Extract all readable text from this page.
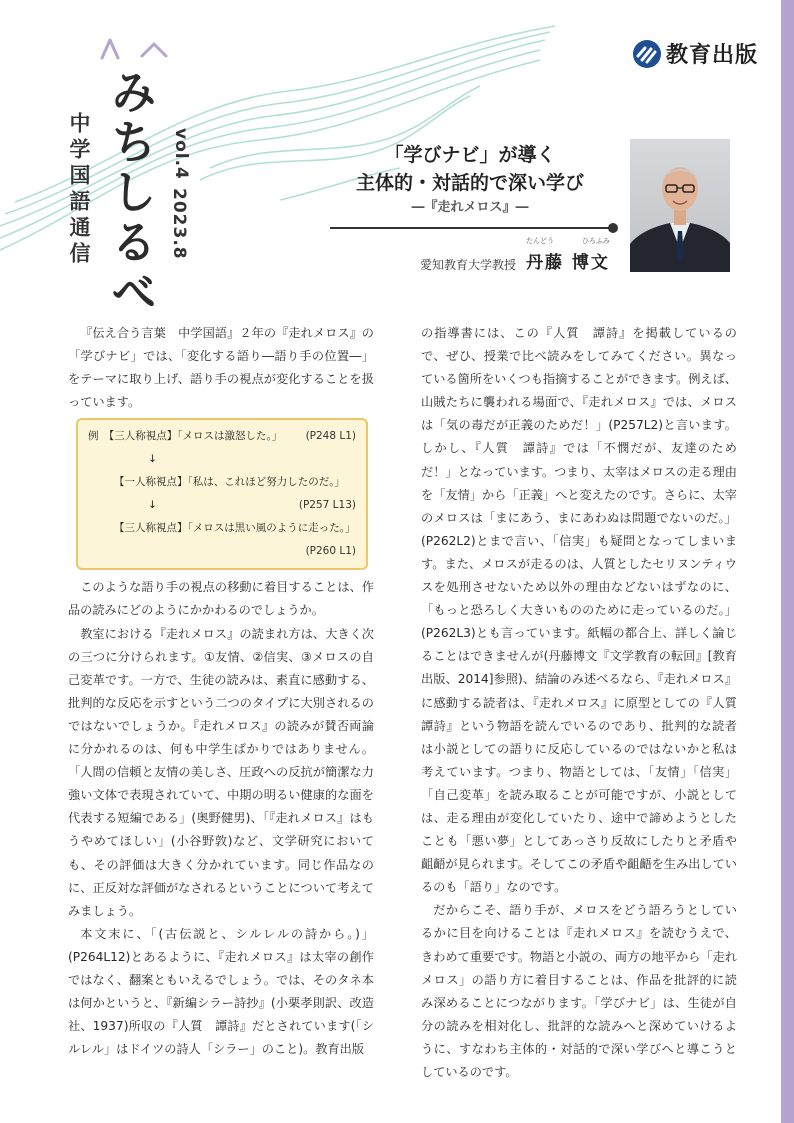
みちしるべ
中学国語通信	vol.4
2023.8
教育出版
「学びナビ」が導く
主体的・対話的で深い学び
―『走れメロス』―
愛知教育大学教授
たんどう	ひろふみ
丹藤 博文

『伝え合う言葉　中学国語』２年の『走れメロス』の「学びナビ」では、「変化する語り―語り手の位置―」をテーマに取り上げ、語り手の視点が変化することを扱っています。

例　 【三人称視点】「メロスは激怒した。」 (P248 L1)
↓
【一人称視点】「私は、これほど努力したのだ。」
↓	(P257 L13)
【三人称視点】「メロスは黒い風のように走った。」
(P260 L1)

このような語り手の視点の移動に着目することは、作品の読みにどのようにかかわるのでしょうか。

教室における『走れメロス』の読まれ方は、大きく次の三つに分けられます。①友情、②信実、③メロスの自己変革です。一方で、生徒の読みは、素直に感動する、批判的な反応を示すという二つのタイプに大別されるのではないでしょうか。『走れメロス』の読みが賛否両論に分かれるのは、何も中学生ばかりではありません。「人間の信頼と友情の美しさ、圧政への反抗が簡潔な力強い文体で表現されていて、中期の明るい健康的な面を代表する短編である」(奥野健男)、「『走れメロス』はもうやめてほしい」(小谷野敦)など、文学研究においても、その評価は大きく分かれています。同じ作品なのに、正反対な評価がなされるということについて考えてみましょう。

本文末に、「(古伝説と、シルレルの詩から。)」(P264L12)とあるように、『走れメロス』は太宰の創作ではなく、翻案ともいえるでしょう。では、そのタネ本は何かというと、『新編シラー詩抄』(小栗孝則訳、改造社、1937)所収の『人質　譚詩』だとされています(「シルレル」はドイツの詩人「シラー」のこと)。教育出版

の指導書には、この『人質　譚詩』を掲載しているので、ぜひ、授業で比べ読みをしてみてください。異なっている箇所をいくつも指摘することができます。例えば、山賊たちに襲われる場面で、『走れメロス』では、メロスは「気の毒だが正義のためだ！」(P257L2)と言います。しかし、『人質　譚詩』では「不憫だが、友達のためだ！」となっています。つまり、太宰はメロスの走る理由を「友情」から「正義」へと変えたのです。さらに、太宰のメロスは「まにあう、まにあわぬは問題でないのだ。」(P262L2)とまで言い、「信実」も疑問となってしまいます。また、メロスが走るのは、人質としたセリヌンティウスを処刑させないため以外の理由などないはずなのに、「もっと恐ろしく大きいもののために走っているのだ。」(P262L3)とも言っています。紙幅の都合上、詳しく論じることはできませんが(丹藤博文『文学教育の転回』[教育出版、2014]参照)、結論のみ述べるなら、『走れメロス』に感動する読者は、『走れメロス』に原型としての『人質　譚詩』という物語を読んでいるのであり、批判的な読者は小説としての語りに反応しているのではないかと私は考えています。つまり、物語としては、「友情」「信実」「自己変革」を読み取ることが可能ですが、小説としては、走る理由が変化していたり、途中で諦めようとしたことも「悪い夢」としてあっさり反故にしたりと矛盾や齟齬が見られます。そしてこの矛盾や齟齬を生み出しているのも「語り」なのです。

だからこそ、語り手が、メロスをどう語ろうとしているかに目を向けることは『走れメロス』を読むうえで、きわめて重要です。物語と小説の、両方の地平から「走れメロス」の語り方に着目することは、作品を批評的に読み深めることにつながります。「学びナビ」は、生徒が自分の読みを相対化し、批評的な読みへと深めていけるように、すなわち主体的・対話的で深い学びへと導こうとしているのです。
